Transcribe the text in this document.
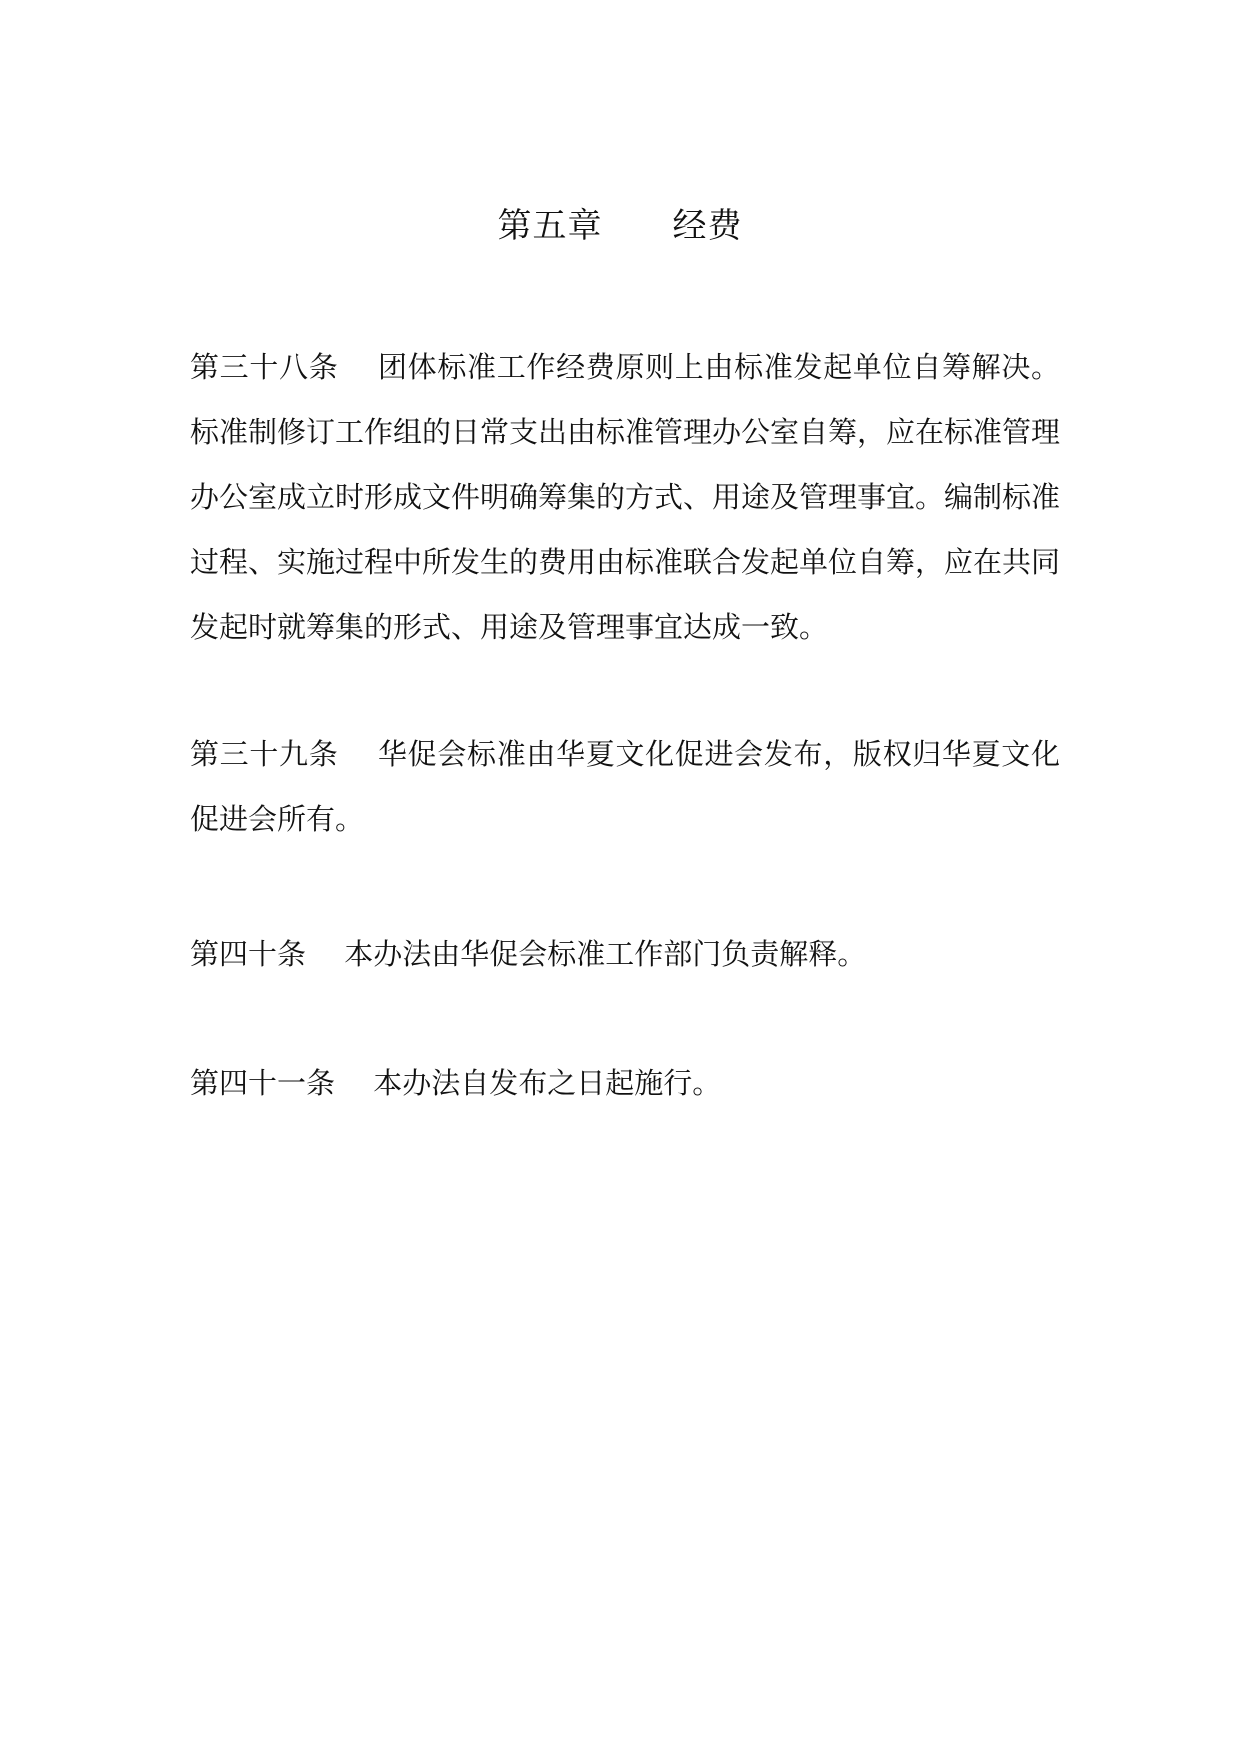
第五章　　经费

第三十八条　 团体标准工作经费原则上由标准发起单位自筹解决。标准制修订工作组的日常支出由标准管理办公室自筹，应在标准管理办公室成立时形成文件明确筹集的方式、用途及管理事宜。编制标准过程、实施过程中所发生的费用由标准联合发起单位自筹，应在共同发起时就筹集的形式、用途及管理事宜达成一致。

第三十九条　 华促会标准由华夏文化促进会发布，版权归华夏文化促进会所有。

第四十条　 本办法由华促会标准工作部门负责解释。

第四十一条　 本办法自发布之日起施行。
